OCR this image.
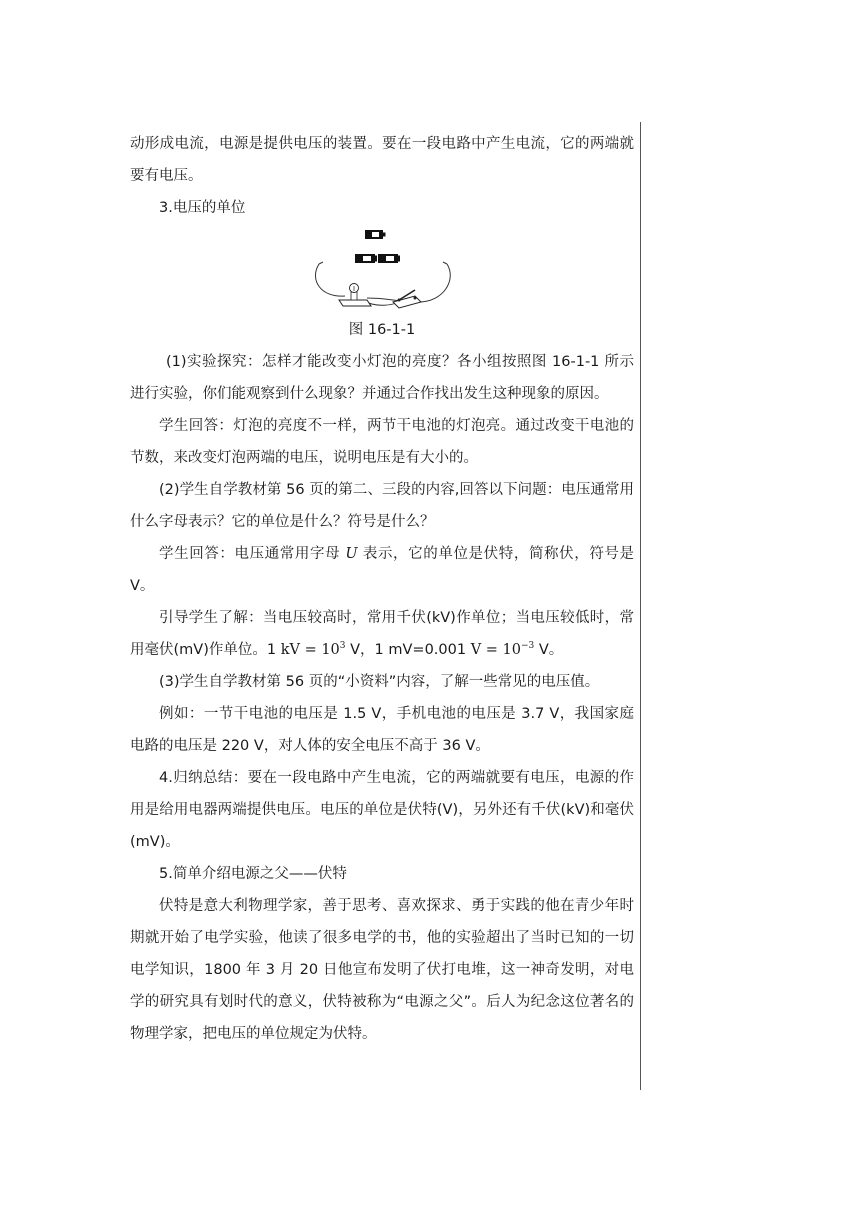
动形成电流，电源是提供电压的装置。要在一段电路中产生电流，它的两端就要有电压。

3.电压的单位

图 16-1-1

(1)实验探究：怎样才能改变小灯泡的亮度？各小组按照图 16-1-1 所示进行实验，你们能观察到什么现象？并通过合作找出发生这种现象的原因。

学生回答：灯泡的亮度不一样，两节干电池的灯泡亮。通过改变干电池的节数，来改变灯泡两端的电压，说明电压是有大小的。

(2)学生自学教材第 56 页的第二、三段的内容,回答以下问题：电压通常用什么字母表示？它的单位是什么？符号是什么？

学生回答：电压通常用字母 U 表示，它的单位是伏特，简称伏，符号是 V。

引导学生了解：当电压较高时，常用千伏(kV)作单位；当电压较低时，常用毫伏(mV)作单位。1 kV = $10^3$ V，1 mV=0.001 $V = 10^{-3}$ V。

(3)学生自学教材第 56 页的“小资料”内容，了解一些常见的电压值。

例如：一节干电池的电压是 1.5 V，手机电池的电压是 3.7 V，我国家庭电路的电压是 220 V，对人体的安全电压不高于 36 V。

4.归纳总结：要在一段电路中产生电流，它的两端就要有电压，电源的作用是给用电器两端提供电压。电压的单位是伏特(V)，另外还有千伏(kV)和毫伏(mV)。

5.简单介绍电源之父——伏特

伏特是意大利物理学家，善于思考、喜欢探求、勇于实践的他在青少年时期就开始了电学实验，他读了很多电学的书，他的实验超出了当时已知的一切电学知识，1800 年 3 月 20 日他宣布发明了伏打电堆，这一神奇发明，对电学的研究具有划时代的意义，伏特被称为“电源之父”。后人为纪念这位著名的物理学家，把电压的单位规定为伏特。
